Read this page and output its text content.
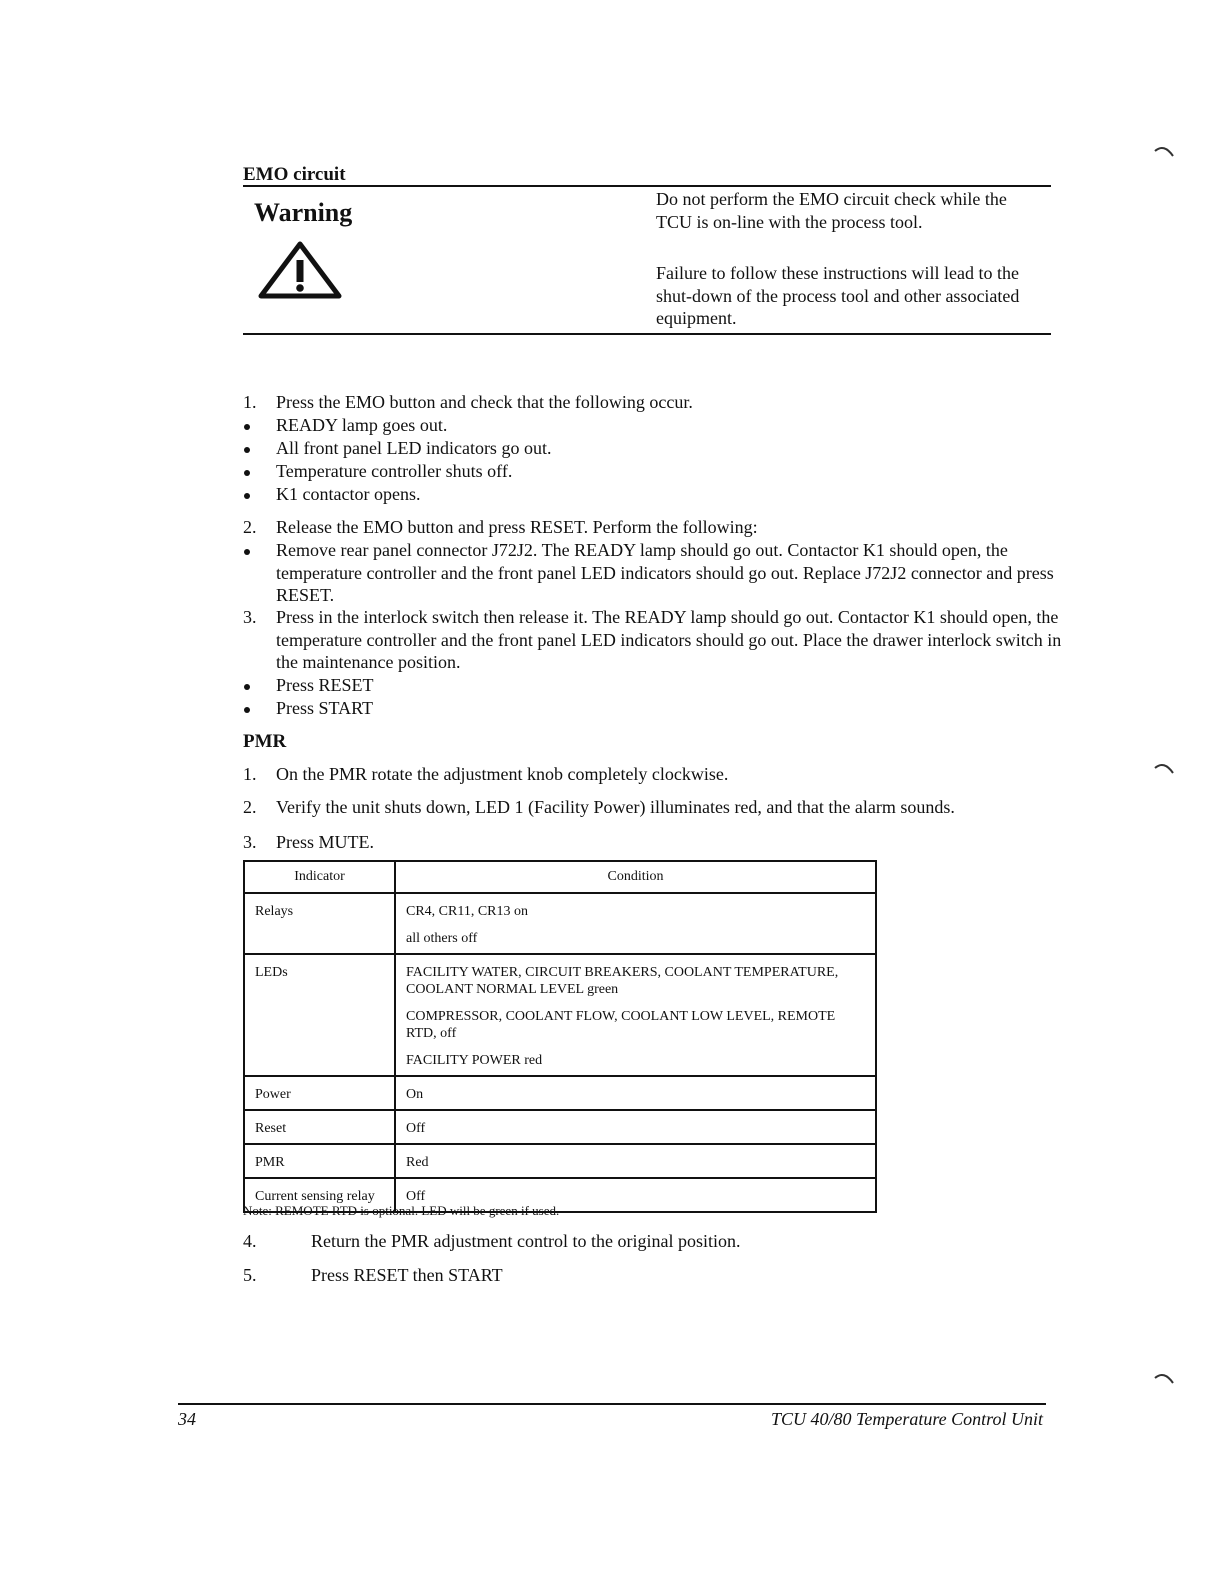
EMO circuit
Warning	Do not perform the EMO circuit check while the TCU is on-line with the process tool.
Failure to follow these instructions will lead to the shut-down of the process tool and other associated equipment.
1.	Press the EMO button and check that the following occur.
READY lamp goes out.
All front panel LED indicators go out.
Temperature controller shuts off.
K1 contactor opens.
2.	Release the EMO button and press RESET. Perform the following:
Remove rear panel connector J72J2. The READY lamp should go out. Contactor K1 should open, the temperature controller and the front panel LED indicators should go out. Replace J72J2 connector and press RESET.
3.	Press in the interlock switch then release it. The READY lamp should go out. Contactor K1 should open, the temperature controller and the front panel LED indicators should go out. Place the drawer interlock switch in the maintenance position.
Press RESET
Press START
PMR
1.	On the PMR rotate the adjustment knob completely clockwise.
2.	Verify the unit shuts down, LED 1 (Facility Power) illuminates red, and that the alarm sounds.
3.	Press MUTE.
Indicator	Condition

Relays	CR4, CR11, CR13 on

all others off

LEDs	FACILITY WATER, CIRCUIT BREAKERS, COOLANT TEMPERATURE, COOLANT NORMAL LEVEL green

COMPRESSOR, COOLANT FLOW, COOLANT LOW LEVEL, REMOTE RTD, off

FACILITY POWER red

Power	On

Reset	Off

PMR	Red

Current sensing relay	Off
Note: REMOTE RTD is optional. LED will be green if used.
4.	Return the PMR adjustment control to the original position.
5.	Press RESET then START
34	TCU 40/80 Temperature Control Unit
